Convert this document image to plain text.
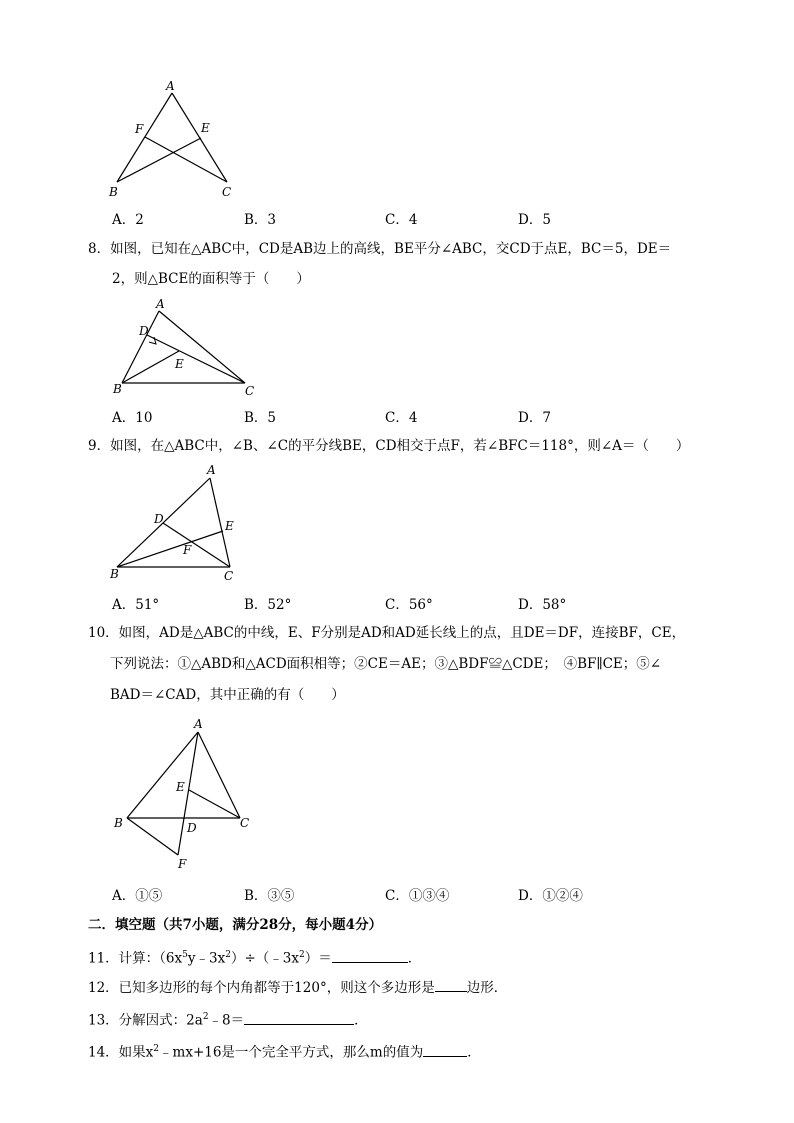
A
F	E
B	C
A．2	B．3	C．4	D．5
8．如图，已知在△ABC中，CD是AB边上的高线，BE平分∠ABC，交CD于点E，BC＝5，DE＝
2，则△BCE的面积等于（　　）
A
D
E
B	C
A．10	B．5	C．4	D．7
9．如图，在△ABC中，∠B、∠C的平分线BE，CD相交于点F，若∠BFC＝118°，则∠A＝（　　）
A
D	E
F
B	C
A．51°	B．52°	C．56°	D．58°
10．如图，AD是△ABC的中线，E、F分别是AD和AD延长线上的点，且DE＝DF，连接BF，CE，
下列说法：①△ABD和△ACD面积相等；②CE＝AE；③△BDF≌△CDE；　④BF∥CE；⑤∠
BAD＝∠CAD，其中正确的有（　　）
A
E
B	D	C
F
A．①⑤	B．③⑤	C．①③④	D．①②④
二．填空题（共7小题，满分28分，每小题4分）
11．计算：$(6x^5y﹣3x^2)\div(﹣3x^2)=$	．
12．已知多边形的每个内角都等于120°，则这个多边形是 边形．
13．分解因式：$2a^2﹣8=$	．
14．如果$x^2﹣mx+16$是一个完全平方式，那么m的值为	．
